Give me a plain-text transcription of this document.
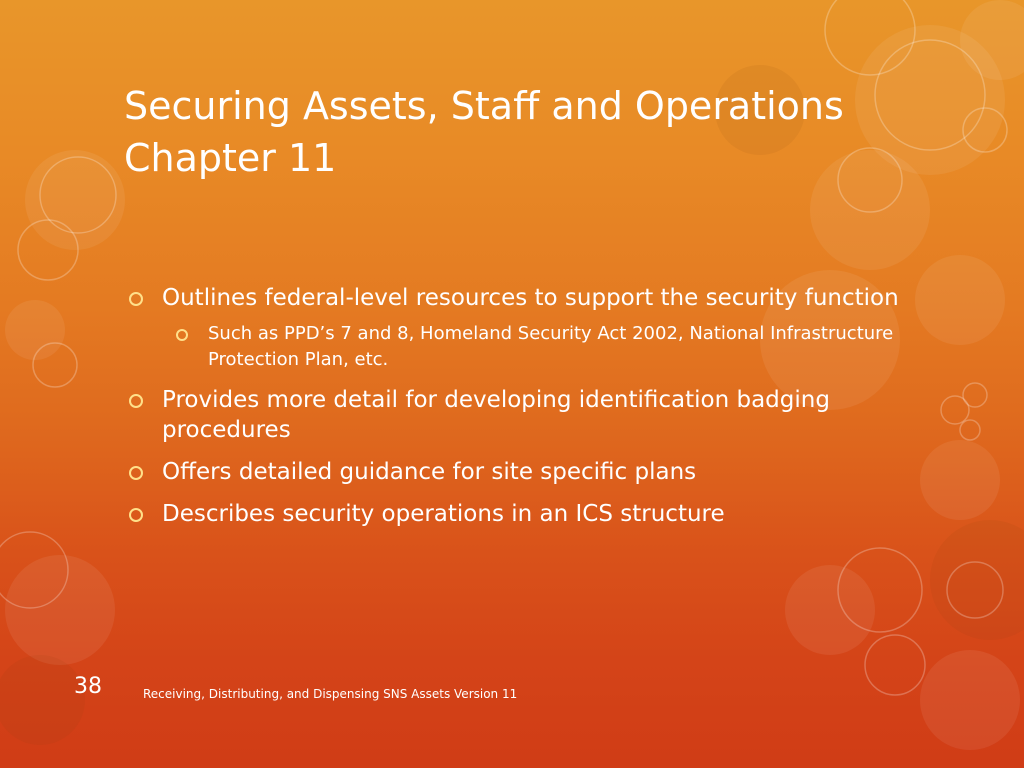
Securing Assets, Staff and Operations
Chapter 11
Outlines federal-level resources to support the security function
Such as PPD’s 7 and 8, Homeland Security Act 2002, National Infrastructure Protection Plan, etc.
Provides more detail for developing identification badging procedures
Offers detailed guidance for site specific plans
Describes security operations in an ICS structure
38	Receiving, Distributing, and Dispensing SNS Assets Version 11
